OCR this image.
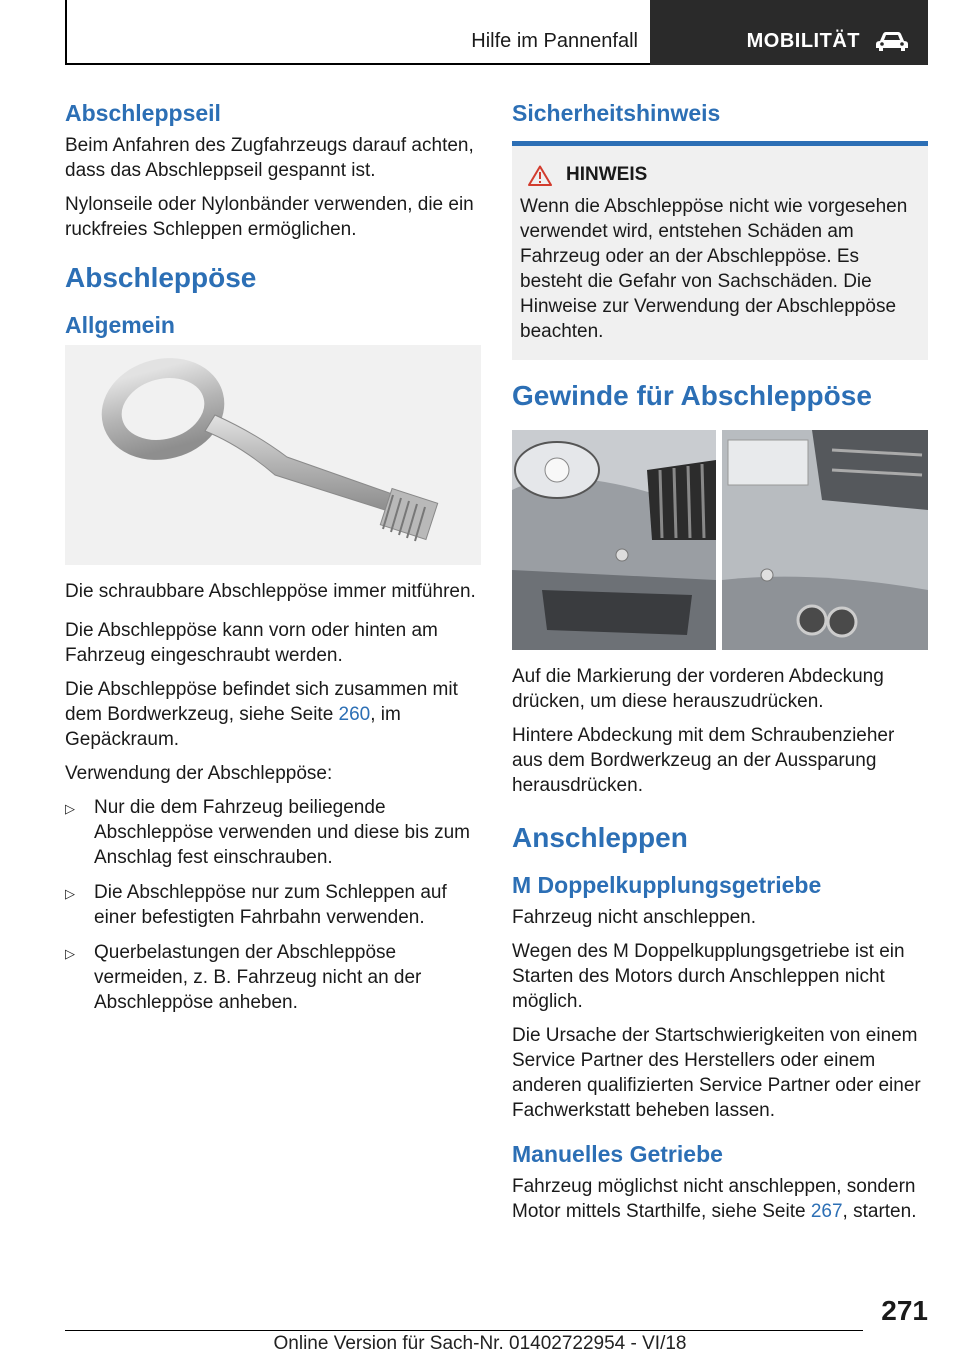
Hilfe im Pannenfall	MOBILITÄT
Abschleppseil

Beim Anfahren des Zugfahrzeugs darauf achten, dass das Abschleppseil gespannt ist.

Nylonseile oder Nylonbänder verwenden, die ein ruckfreies Schleppen ermöglichen.

Abschleppöse
Allgemein

Die schraubbare Abschleppöse immer mitführen.

Die Abschleppöse kann vorn oder hinten am Fahrzeug eingeschraubt werden.

Die Abschleppöse befindet sich zusammen mit dem Bordwerkzeug, siehe Seite 260, im Gepäckraum.

Verwendung der Abschleppöse:

▷ Nur die dem Fahrzeug beiliegende Abschleppöse verwenden und diese bis zum Anschlag fest einschrauben.
▷ Die Abschleppöse nur zum Schleppen auf einer befestigten Fahrbahn verwenden.
▷ Querbelastungen der Abschleppöse vermeiden, z. B. Fahrzeug nicht an der Abschleppöse anheben.
Sicherheitshinweis
HINWEIS

Wenn die Abschleppöse nicht wie vorgesehen verwendet wird, entstehen Schäden am Fahrzeug oder an der Abschleppöse. Es besteht die Gefahr von Sachschäden. Die Hinweise zur Verwendung der Abschleppöse beachten.

Gewinde für Abschleppöse

Auf die Markierung der vorderen Abdeckung drücken, um diese herauszudrücken.

Hintere Abdeckung mit dem Schraubenzieher aus dem Bordwerkzeug an der Aussparung herausdrücken.

Anschleppen
M Doppelkupplungsgetriebe

Fahrzeug nicht anschleppen.

Wegen des M Doppelkupplungsgetriebe ist ein Starten des Motors durch Anschleppen nicht möglich.

Die Ursache der Startschwierigkeiten von einem Service Partner des Herstellers oder einem anderen qualifizierten Service Partner oder einer Fachwerkstatt beheben lassen.

Manuelles Getriebe

Fahrzeug möglichst nicht anschleppen, sondern Motor mittels Starthilfe, siehe Seite 267, starten.

271
Online Version für Sach-Nr. 01402722954 - VI/18
